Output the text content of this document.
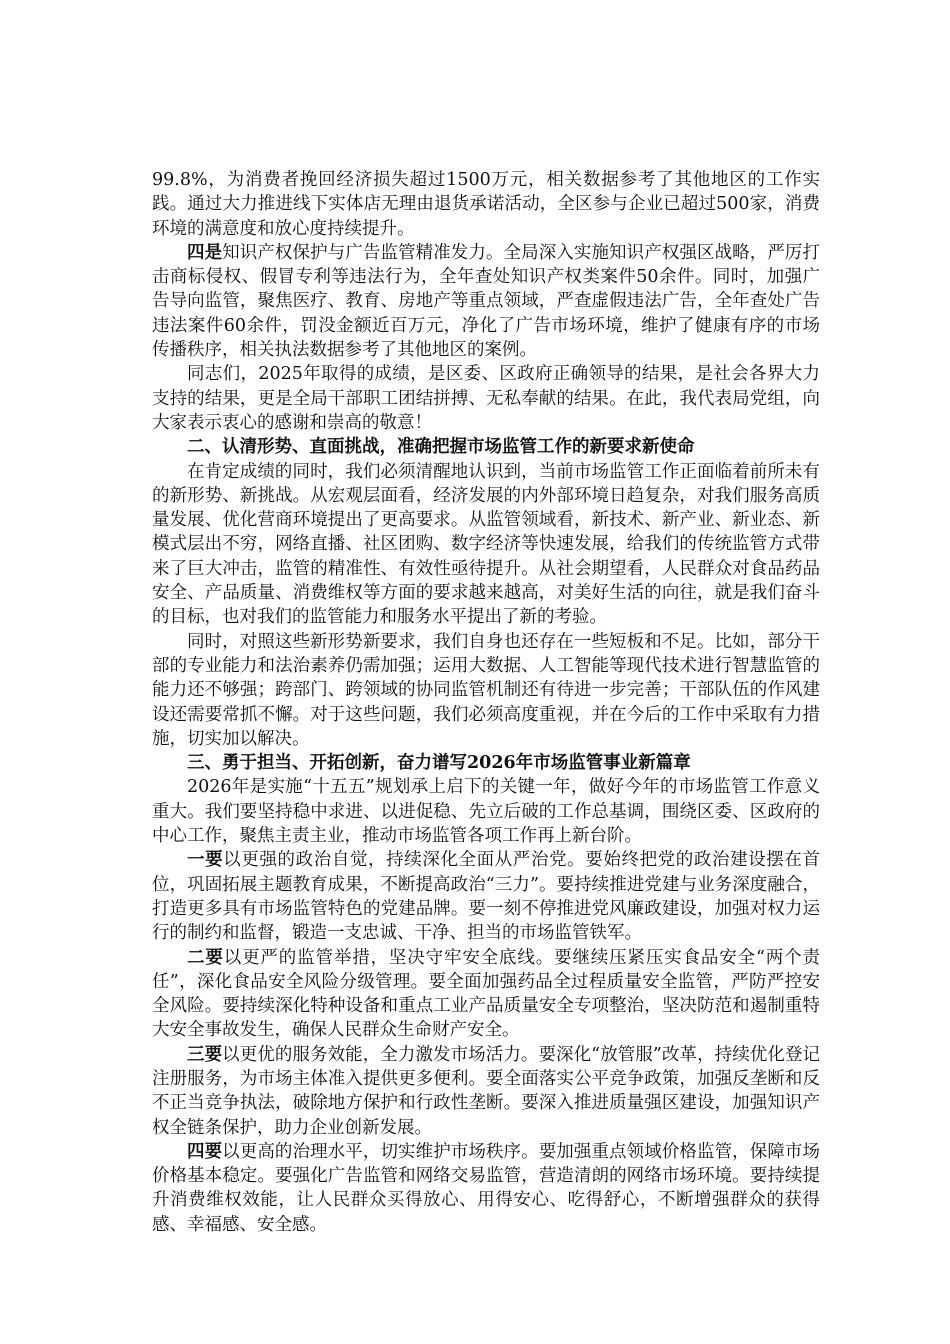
99.8%，为消费者挽回经济损失超过1500万元，相关数据参考了其他地区的工作实践。通过大力推进线下实体店无理由退货承诺活动，全区参与企业已超过500家，消费环境的满意度和放心度持续提升。

四是知识产权保护与广告监管精准发力。全局深入实施知识产权强区战略，严厉打击商标侵权、假冒专利等违法行为，全年查处知识产权类案件50余件。同时，加强广告导向监管，聚焦医疗、教育、房地产等重点领域，严查虚假违法广告，全年查处广告违法案件60余件，罚没金额近百万元，净化了广告市场环境，维护了健康有序的市场传播秩序，相关执法数据参考了其他地区的案例。

同志们，2025年取得的成绩，是区委、区政府正确领导的结果，是社会各界大力支持的结果，更是全局干部职工团结拼搏、无私奉献的结果。在此，我代表局党组，向大家表示衷心的感谢和崇高的敬意！

二、认清形势、直面挑战，准确把握市场监管工作的新要求新使命

在肯定成绩的同时，我们必须清醒地认识到，当前市场监管工作正面临着前所未有的新形势、新挑战。从宏观层面看，经济发展的内外部环境日趋复杂，对我们服务高质量发展、优化营商环境提出了更高要求。从监管领域看，新技术、新产业、新业态、新模式层出不穷，网络直播、社区团购、数字经济等快速发展，给我们的传统监管方式带来了巨大冲击，监管的精准性、有效性亟待提升。从社会期望看，人民群众对食品药品安全、产品质量、消费维权等方面的要求越来越高，对美好生活的向往，就是我们奋斗的目标，也对我们的监管能力和服务水平提出了新的考验。

同时，对照这些新形势新要求，我们自身也还存在一些短板和不足。比如，部分干部的专业能力和法治素养仍需加强；运用大数据、人工智能等现代技术进行智慧监管的能力还不够强；跨部门、跨领域的协同监管机制还有待进一步完善；干部队伍的作风建设还需要常抓不懈。对于这些问题，我们必须高度重视，并在今后的工作中采取有力措施，切实加以解决。

三、勇于担当、开拓创新，奋力谱写2026年市场监管事业新篇章

2026年是实施“十五五”规划承上启下的关键一年，做好今年的市场监管工作意义重大。我们要坚持稳中求进、以进促稳、先立后破的工作总基调，围绕区委、区政府的中心工作，聚焦主责主业，推动市场监管各项工作再上新台阶。

一要以更强的政治自觉，持续深化全面从严治党。要始终把党的政治建设摆在首位，巩固拓展主题教育成果，不断提高政治“三力”。要持续推进党建与业务深度融合，打造更多具有市场监管特色的党建品牌。要一刻不停推进党风廉政建设，加强对权力运行的制约和监督，锻造一支忠诚、干净、担当的市场监管铁军。

二要以更严的监管举措，坚决守牢安全底线。要继续压紧压实食品安全“两个责任”，深化食品安全风险分级管理。要全面加强药品全过程质量安全监管，严防严控安全风险。要持续深化特种设备和重点工业产品质量安全专项整治，坚决防范和遏制重特大安全事故发生，确保人民群众生命财产安全。

三要以更优的服务效能，全力激发市场活力。要深化“放管服”改革，持续优化登记注册服务，为市场主体准入提供更多便利。要全面落实公平竞争政策，加强反垄断和反不正当竞争执法，破除地方保护和行政性垄断。要深入推进质量强区建设，加强知识产权全链条保护，助力企业创新发展。

四要以更高的治理水平，切实维护市场秩序。要加强重点领域价格监管，保障市场价格基本稳定。要强化广告监管和网络交易监管，营造清朗的网络市场环境。要持续提升消费维权效能，让人民群众买得放心、用得安心、吃得舒心，不断增强群众的获得感、幸福感、安全感。
